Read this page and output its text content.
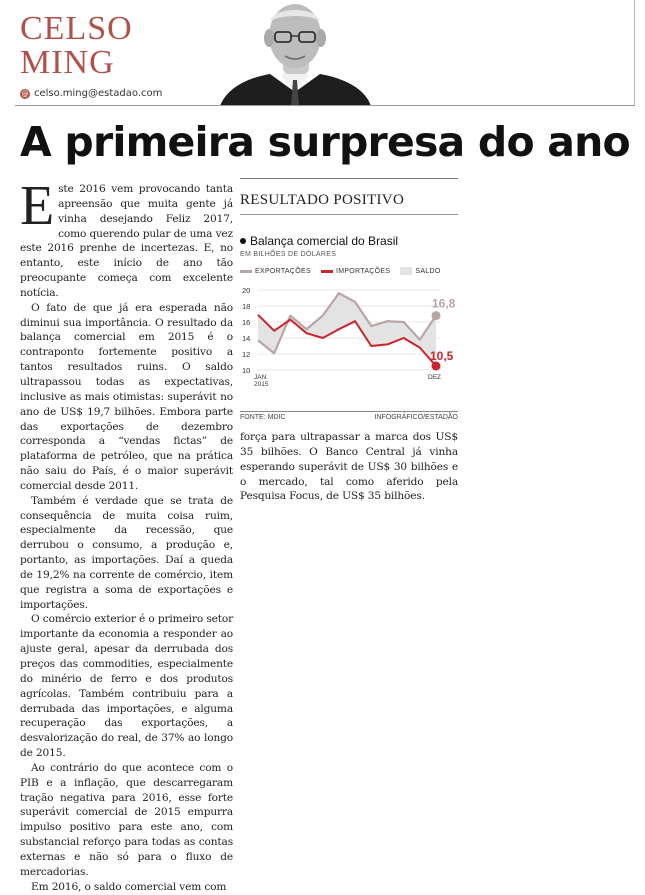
CELSO
MING
@ celso.ming@estadao.com
A primeira surpresa do ano

E ste 2016 vem provocando tanta apreensão que muita gente já vinha desejando Feliz 2017, como querendo pular de uma vez este 2016 prenhe de incertezas. E, no entanto, este início de ano tão preocupante começa com excelente notícia.

O fato de que já era esperada não diminui sua importância. O resultado da balança comercial em 2015 é o contraponto fortemente positivo a tantos resultados ruins. O saldo ultrapassou todas as expectativas, inclusive as mais otimistas: superávit no ano de US$ 19,7 bilhões. Embora parte das exportações de dezembro corresponda a “vendas fictas” de plataforma de petróleo, que na prática não saiu do País, é o maior superávit comercial desde 2011.

Também é verdade que se trata de consequência de muita coisa ruim, especialmente da recessão, que derrubou o consumo, a produção e, portanto, as importações. Daí a queda de 19,2% na corrente de comércio, item que registra a soma de exportações e importações.

O comércio exterior é o primeiro setor importante da economia a responder ao ajuste geral, apesar da derrubada dos preços das commodities, especialmente do minério de ferro e dos produtos agrícolas. Também contribuiu para a derrubada das importações, e alguma recuperação das exportações, a desvalorização do real, de 37% ao longo de 2015.

Ao contrário do que acontece com o PIB e a inflação, que descarregaram tração negativa para 2016, esse forte superávit comercial de 2015 empurra impulso positivo para este ano, com substancial reforço para todas as contas externas e não só para o fluxo de mercadorias.

Em 2016, o saldo comercial vem com

RESULTADO POSITIVO
Balança comercial do Brasil
EM BILHÕES DE DÓLARES
EXPORTAÇÕES	IMPORTAÇÕES	SALDO
20
18
16
14
12
10
16,8
10,5
JAN
2015
DEZ
FONTE: MDIC	INFOGRÁFICO/ESTADÃO

força para ultrapassar a marca dos US$ 35 bilhões. O Banco Central já vinha esperando superávit de US$ 30 bilhões e o mercado, tal como aferido pela Pesquisa Focus, de US$ 35 bilhões.
